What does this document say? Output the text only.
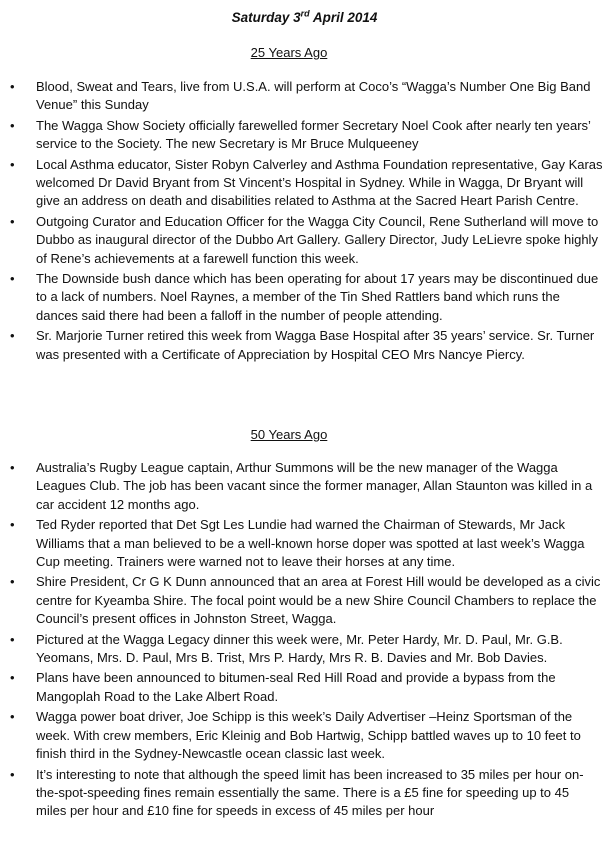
Saturday 3rd April 2014
25 Years Ago
• Blood, Sweat and Tears, live from U.S.A. will perform at Coco’s “Wagga’s Number One Big Band Venue” this Sunday
• The Wagga Show Society officially farewelled former Secretary Noel Cook after nearly ten years’ service to the Society. The new Secretary is Mr Bruce Mulqueeney
• Local Asthma educator, Sister Robyn Calverley and Asthma Foundation representative, Gay Karas welcomed Dr David Bryant from St Vincent’s Hospital in Sydney. While in Wagga, Dr Bryant will give an address on death and disabilities related to Asthma at the Sacred Heart Parish Centre.
• Outgoing Curator and Education Officer for the Wagga City Council, Rene Sutherland will move to Dubbo as inaugural director of the Dubbo Art Gallery. Gallery Director, Judy LeLievre spoke highly of Rene’s achievements at a farewell function this week.
• The Downside bush dance which has been operating for about 17 years may be discontinued due to a lack of numbers. Noel Raynes, a member of the Tin Shed Rattlers band which runs the dances said there had been a falloff in the number of people attending.
• Sr. Marjorie Turner retired this week from Wagga Base Hospital after 35 years’ service. Sr. Turner was presented with a Certificate of Appreciation by Hospital CEO Mrs Nancye Piercy.
50 Years Ago
• Australia’s Rugby League captain, Arthur Summons will be the new manager of the Wagga Leagues Club. The job has been vacant since the former manager, Allan Staunton was killed in a car accident 12 months ago.
• Ted Ryder reported that Det Sgt Les Lundie had warned the Chairman of Stewards, Mr Jack Williams that a man believed to be a well-known horse doper was spotted at last week’s Wagga Cup meeting. Trainers were warned not to leave their horses at any time.
• Shire President, Cr G K Dunn announced that an area at Forest Hill would be developed as a civic centre for Kyeamba Shire. The focal point would be a new Shire Council Chambers to replace the Council’s present offices in Johnston Street, Wagga.
• Pictured at the Wagga Legacy dinner this week were, Mr. Peter Hardy, Mr. D. Paul, Mr. G.B. Yeomans, Mrs. D. Paul, Mrs B. Trist, Mrs P. Hardy, Mrs R. B. Davies and Mr. Bob Davies.
• Plans have been announced to bitumen-seal Red Hill Road and provide a bypass from the Mangoplah Road to the Lake Albert Road.
• Wagga power boat driver, Joe Schipp is this week’s Daily Advertiser –Heinz Sportsman of the week. With crew members, Eric Kleinig and Bob Hartwig, Schipp battled waves up to 10 feet to finish third in the Sydney-Newcastle ocean classic last week.
• It’s interesting to note that although the speed limit has been increased to 35 miles per hour on-the-spot-speeding fines remain essentially the same. There is a £5 fine for speeding up to 45 miles per hour and £10 fine for speeds in excess of 45 miles per hour
